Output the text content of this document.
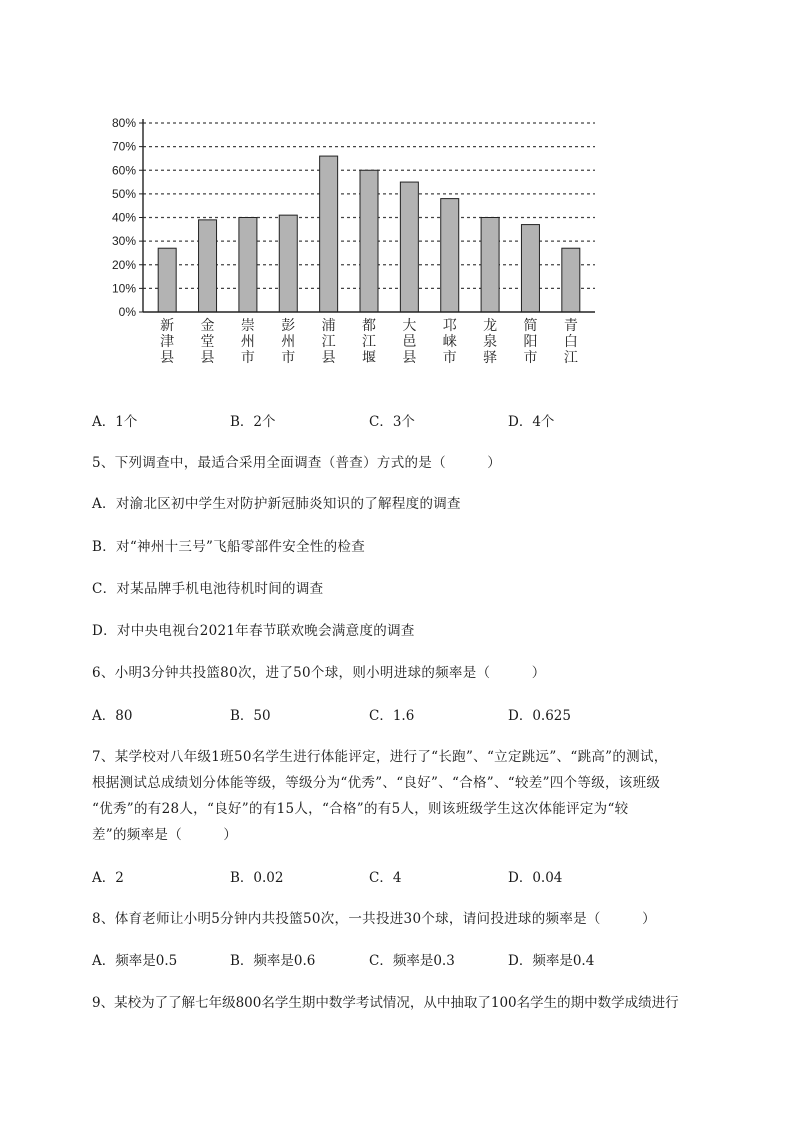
80%
70%
60%
50%
40%
30%
20%
10%
0%
新
津
县
金
堂
县
崇
州
市
彭
州
市
浦
江
县
都
江
堰
大
邑
县
邛
崃
市
龙
泉
驿
简
阳
市
青
白
江
A．1个	B．2个	C．3个	D．4个
5、下列调查中，最适合采用全面调查（普查）方式的是（　　　）
A．对渝北区初中学生对防护新冠肺炎知识的了解程度的调查
B．对“神州十三号”飞船零部件安全性的检查
C．对某品牌手机电池待机时间的调查
D．对中央电视台2021年春节联欢晚会满意度的调查
6、小明3分钟共投篮80次，进了50个球，则小明进球的频率是（　　　）
A．80	B．50	C．1.6	D．0.625
7、某学校对八年级1班50名学生进行体能评定，进行了“长跑”、“立定跳远”、“跳高”的测试，
根据测试总成绩划分体能等级，等级分为“优秀”、“良好”、“合格”、“较差”四个等级，该班级
“优秀”的有28人，“良好”的有15人，“合格”的有5人，则该班级学生这次体能评定为“较
差”的频率是（　　　）
A．2	B．0.02	C．4	D．0.04
8、体育老师让小明5分钟内共投篮50次，一共投进30个球，请问投进球的频率是（　　　）
A．频率是0.5	B．频率是0.6	C．频率是0.3	D．频率是0.4
9、某校为了了解七年级800名学生期中数学考试情况，从中抽取了100名学生的期中数学成绩进行
